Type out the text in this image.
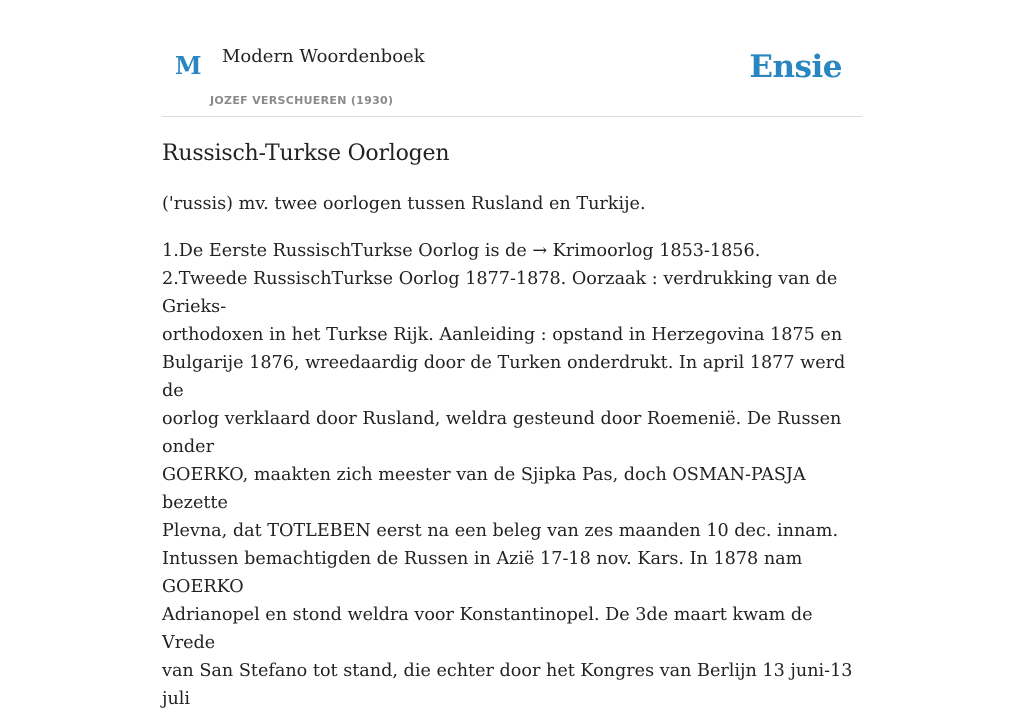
M Modern Woordenboek
JOZEF VERSCHUEREN (1930)
Ensie
Russisch-Turkse Oorlogen

('russis) mv. twee oorlogen tussen Rusland en Turkije.

1.De Eerste RussischTurkse Oorlog is de → Krimoorlog 1853-1856.
2.Tweede RussischTurkse Oorlog 1877-1878. Oorzaak : verdrukking van de Grieks-
orthodoxen in het Turkse Rijk. Aanleiding : opstand in Herzegovina 1875 en
Bulgarije 1876, wreedaardig door de Turken onderdrukt. In april 1877 werd de
oorlog verklaard door Rusland, weldra gesteund door Roemenië. De Russen onder
GOERKO, maakten zich meester van de Sjipka Pas, doch OSMAN-PASJA bezette
Plevna, dat TOTLEBEN eerst na een beleg van zes maanden 10 dec. innam.
Intussen bemachtigden de Russen in Azië 17-18 nov. Kars. In 1878 nam GOERKO
Adrianopel en stond weldra voor Konstantinopel. De 3de maart kwam de Vrede
van San Stefano tot stand, die echter door het Kongres van Berlijn 13 juni-13 juli
